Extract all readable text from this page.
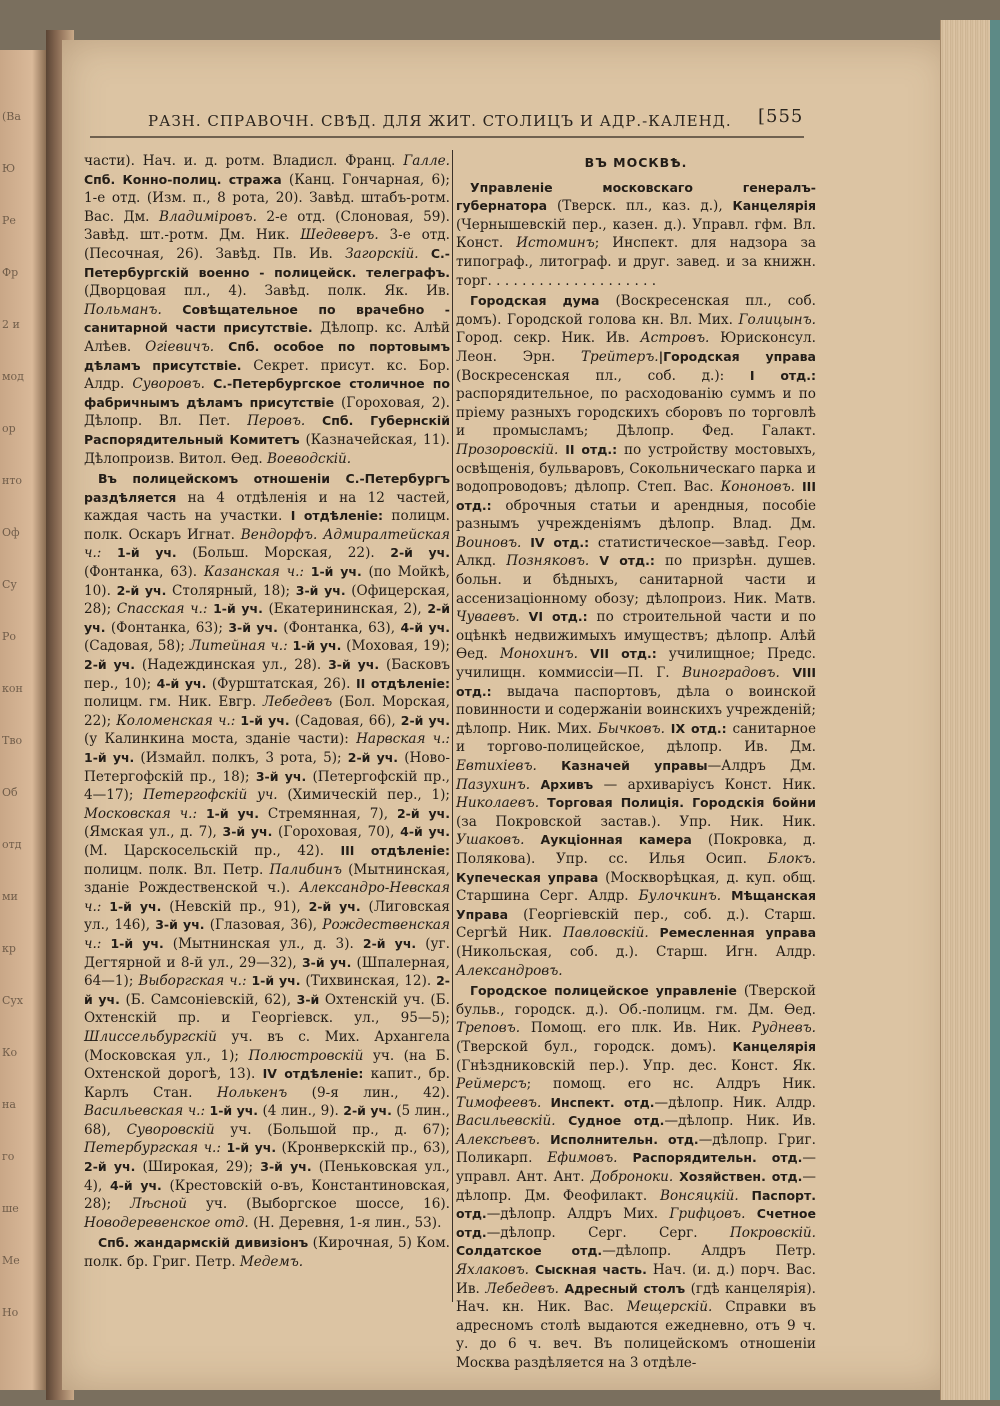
(Ва
Ю
Ре
Фр
2 и
мод
ор
нто
Оф
Су
Ро
кон
Тво
Об
отд
ми
кр
Сух
Ко
на
го
ше
Ме
Но
РАЗН. СПРАВОЧН. СВѢД. ДЛЯ ЖИТ. СТОЛИЦЪ И АДР.-КАЛЕНД. [555

части). Нач. и. д. ротм. Владисл. Франц. Галле. Спб. Конно-полиц. стража (Канц. Гончарная, 6); 1-е отд. (Изм. п., 8 рота, 20). Завѣд. штабъ-ротм. Вас. Дм. Владиміровъ. 2-е отд. (Слоновая, 59). Завѣд. шт.-ротм. Дм. Ник. Шедеверъ. 3-е отд. (Песочная, 26). Завѣд. Пв. Ив. Загорскій. С.-Петербургскій военно - полицейск. телеграфъ. (Дворцовая пл., 4). Завѣд. полк. Як. Ив. Польманъ. Совѣщательное по врачебно - санитарной части присутствіе. Дѣлопр. кс. Алѣй Алѣев. Огіевичъ. Спб. особое по портовымъ дѣламъ присутствіе. Секрет. присут. кс. Бор. Алдр. Суворовъ. С.-Петербургское столичное по фабричнымъ дѣламъ присутствіе (Гороховая, 2). Дѣлопр. Вл. Пет. Перовъ. Спб. Губернскій Распорядительный Комитетъ (Казначейская, 11). Дѣлопроизв. Витол. Ѳед. Воеводскій.

Въ полицейскомъ отношеніи С.-Петербургъ раздѣляется на 4 отдѣленія и на 12 частей, каждая часть на участки. I отдѣленіе: полицм. полк. Оскаръ Игнат. Вендорфъ. Адмиралтейская ч.: 1-й уч. (Больш. Морская, 22). 2-й уч. (Фонтанка, 63). Казанская ч.: 1-й уч. (по Мойкѣ, 10). 2-й уч. Столярный, 18); 3-й уч. (Офицерская, 28); Спасская ч.: 1-й уч. (Екатерининская, 2), 2-й уч. (Фонтанка, 63); 3-й уч. (Фонтанка, 63), 4-й уч. (Садовая, 58); Литейная ч.: 1-й уч. (Моховая, 19); 2-й уч. (Надеждинская ул., 28). 3-й уч. (Басковъ пер., 10); 4-й уч. (Фурштатская, 26). II отдѣленіе: полицм. гм. Ник. Евгр. Лебедевъ (Бол. Морская, 22); Коломенская ч.: 1-й уч. (Садовая, 66), 2-й уч. (у Калинкина моста, зданіе части): Нарвская ч.: 1-й уч. (Измайл. полкъ, 3 рота, 5); 2-й уч. (Ново-Петергофскій пр., 18); 3-й уч. (Петергофскій пр., 4—17); Петергофскій уч. (Химическій пер., 1); Московская ч.: 1-й уч. Стремянная, 7), 2-й уч. (Ямская ул., д. 7), 3-й уч. (Гороховая, 70), 4-й уч. (М. Царскосельскій пр., 42). III отдѣленіе: полицм. полк. Вл. Петр. Палибинъ (Мытнинская, зданіе Рождественской ч.). Александро-Невская ч.: 1-й уч. (Невскій пр., 91), 2-й уч. (Лиговская ул., 146), 3-й уч. (Глазовая, 36), Рождественская ч.: 1-й уч. (Мытнинская ул., д. 3). 2-й уч. (уг. Дегтярной и 8-й ул., 29—32), 3-й уч. (Шпалерная, 64—1); Выборгская ч.: 1-й уч. (Тихвинская, 12). 2-й уч. (Б. Самсоніевскій, 62), 3-й Охтенскій уч. (Б. Охтенскій пр. и Георгіевск. ул., 95—5); Шлиссельбургскій уч. въ с. Мих. Архангела (Московская ул., 1); Полюстровскій уч. (на Б. Охтенской дорогѣ, 13). IV отдѣленіе: капит., бр. Карлъ Стан. Нолькенъ (9-я лин., 42). Васильевская ч.: 1-й уч. (4 лин., 9). 2-й уч. (5 лин., 68), Суворовскій уч. (Большой пр., д. 67); Петербургская ч.: 1-й уч. (Кронверкскій пр., 63), 2-й уч. (Широкая, 29); 3-й уч. (Пеньковская ул., 4), 4-й уч. (Крестовскій о-въ, Константиновская, 28); Лѣсной уч. (Выборгское шоссе, 16). Новодеревенское отд. (Н. Деревня, 1-я лин., 53).

Спб. жандармскій дивизіонъ (Кирочная, 5) Ком. полк. бр. Григ. Петр. Медемъ.

ВЪ МОСКВѢ.

Управленіе московскаго генералъ-губернатора (Тверск. пл., каз. д.), Канцелярія (Чернышевскій пер., казен. д.). Управл. гфм. Вл. Конст. Истоминъ; Инспект. для надзора за типограф., литограф. и друг. завед. и за книжн. торг. . . . . . . . . . . . . . . . . . . .

Городская дума (Воскресенская пл., соб. домъ). Городской голова кн. Вл. Мих. Голицынъ. Город. секр. Ник. Ив. Астровъ. Юрисконсул. Леон. Эрн. Трейтеръ.|Городская управа (Воскресенская пл., соб. д.): I отд.: распорядительное, по расходованію суммъ и по пріему разныхъ городскихъ сборовъ по торговлѣ и промысламъ; Дѣлопр. Фед. Галакт. Прозоровскій. II отд.: по устройству мостовыхъ, освѣщенія, бульваровъ, Сокольническаго парка и водопроводовъ; дѣлопр. Степ. Вас. Кононовъ. III отд.: оброчныя статьи и арендныя, пособіе разнымъ учрежденіямъ дѣлопр. Влад. Дм. Воиновъ. IV отд.: статистическое—завѣд. Геор. Алкд. Позняковъ. V отд.: по призрѣн. душев. больн. и бѣдныхъ, санитарной части и ассенизаціонному обозу; дѣлопроиз. Ник. Матв. Чуваевъ. VI отд.: по строительной части и по оцѣнкѣ недвижимыхъ имуществъ; дѣлопр. Алѣй Ѳед. Монохинъ. VII отд.: училищное; Предс. училищн. коммиссіи—П. Г. Виноградовъ. VIII отд.: выдача паспортовъ, дѣла о воинской повинности и содержаніи воинскихъ учрежденій; дѣлопр. Ник. Мих. Бычковъ. IX отд.: санитарное и торгово-полицейское, дѣлопр. Ив. Дм. Евтихіевъ. Казначей управы—Алдръ Дм. Пазухинъ. Архивъ — архиваріусъ Конст. Ник. Николаевъ. Торговая Полиція. Городскія бойни (за Покровской застав.). Упр. Ник. Ник. Ушаковъ. Аукціонная камера (Покровка, д. Полякова). Упр. сс. Илья Осип. Блокъ. Купеческая управа (Москворѣцкая, д. куп. общ. Старшина Серг. Алдр. Булочкинъ. Мѣщанская Управа (Георгіевскій пер., соб. д.). Старш. Сергѣй Ник. Павловскій. Ремесленная управа (Никольская, соб. д.). Старш. Игн. Алдр. Александровъ.

Городское полицейское управленіе (Тверской бульв., городск. д.). Об.-полицм. гм. Дм. Ѳед. Треповъ. Помощ. его плк. Ив. Ник. Рудневъ. (Тверской бул., городск. домъ). Канцелярія (Гнѣздниковскій пер.). Упр. дес. Конст. Як. Реймерсъ; помощ. его нс. Алдръ Ник. Тимофеевъ. Инспект. отд.—дѣлопр. Ник. Алдр. Васильевскій. Судное отд.—дѣлопр. Ник. Ив. Алексѣевъ. Исполнительн. отд.—дѣлопр. Григ. Поликарп. Ефимовъ. Распорядительн. отд.—управл. Ант. Ант. Доброноки. Хозяйствен. отд.— дѣлопр. Дм. Феофилакт. Вонсяцкій. Паспорт. отд.—дѣлопр. Алдръ Мих. Грифцовъ. Счетное отд.—дѣлопр. Серг. Серг. Покровскій. Солдатское отд.—дѣлопр. Алдръ Петр. Яхлаковъ. Сыскная часть. Нач. (и. д.) порч. Вас. Ив. Лебедевъ. Адресный столъ (гдѣ канцелярія). Нач. кн. Ник. Вас. Мещерскій. Справки въ адресномъ столѣ выдаются ежедневно, отъ 9 ч. у. до 6 ч. веч. Въ полицейскомъ отношеніи Москва раздѣляется на 3 отдѣле-
